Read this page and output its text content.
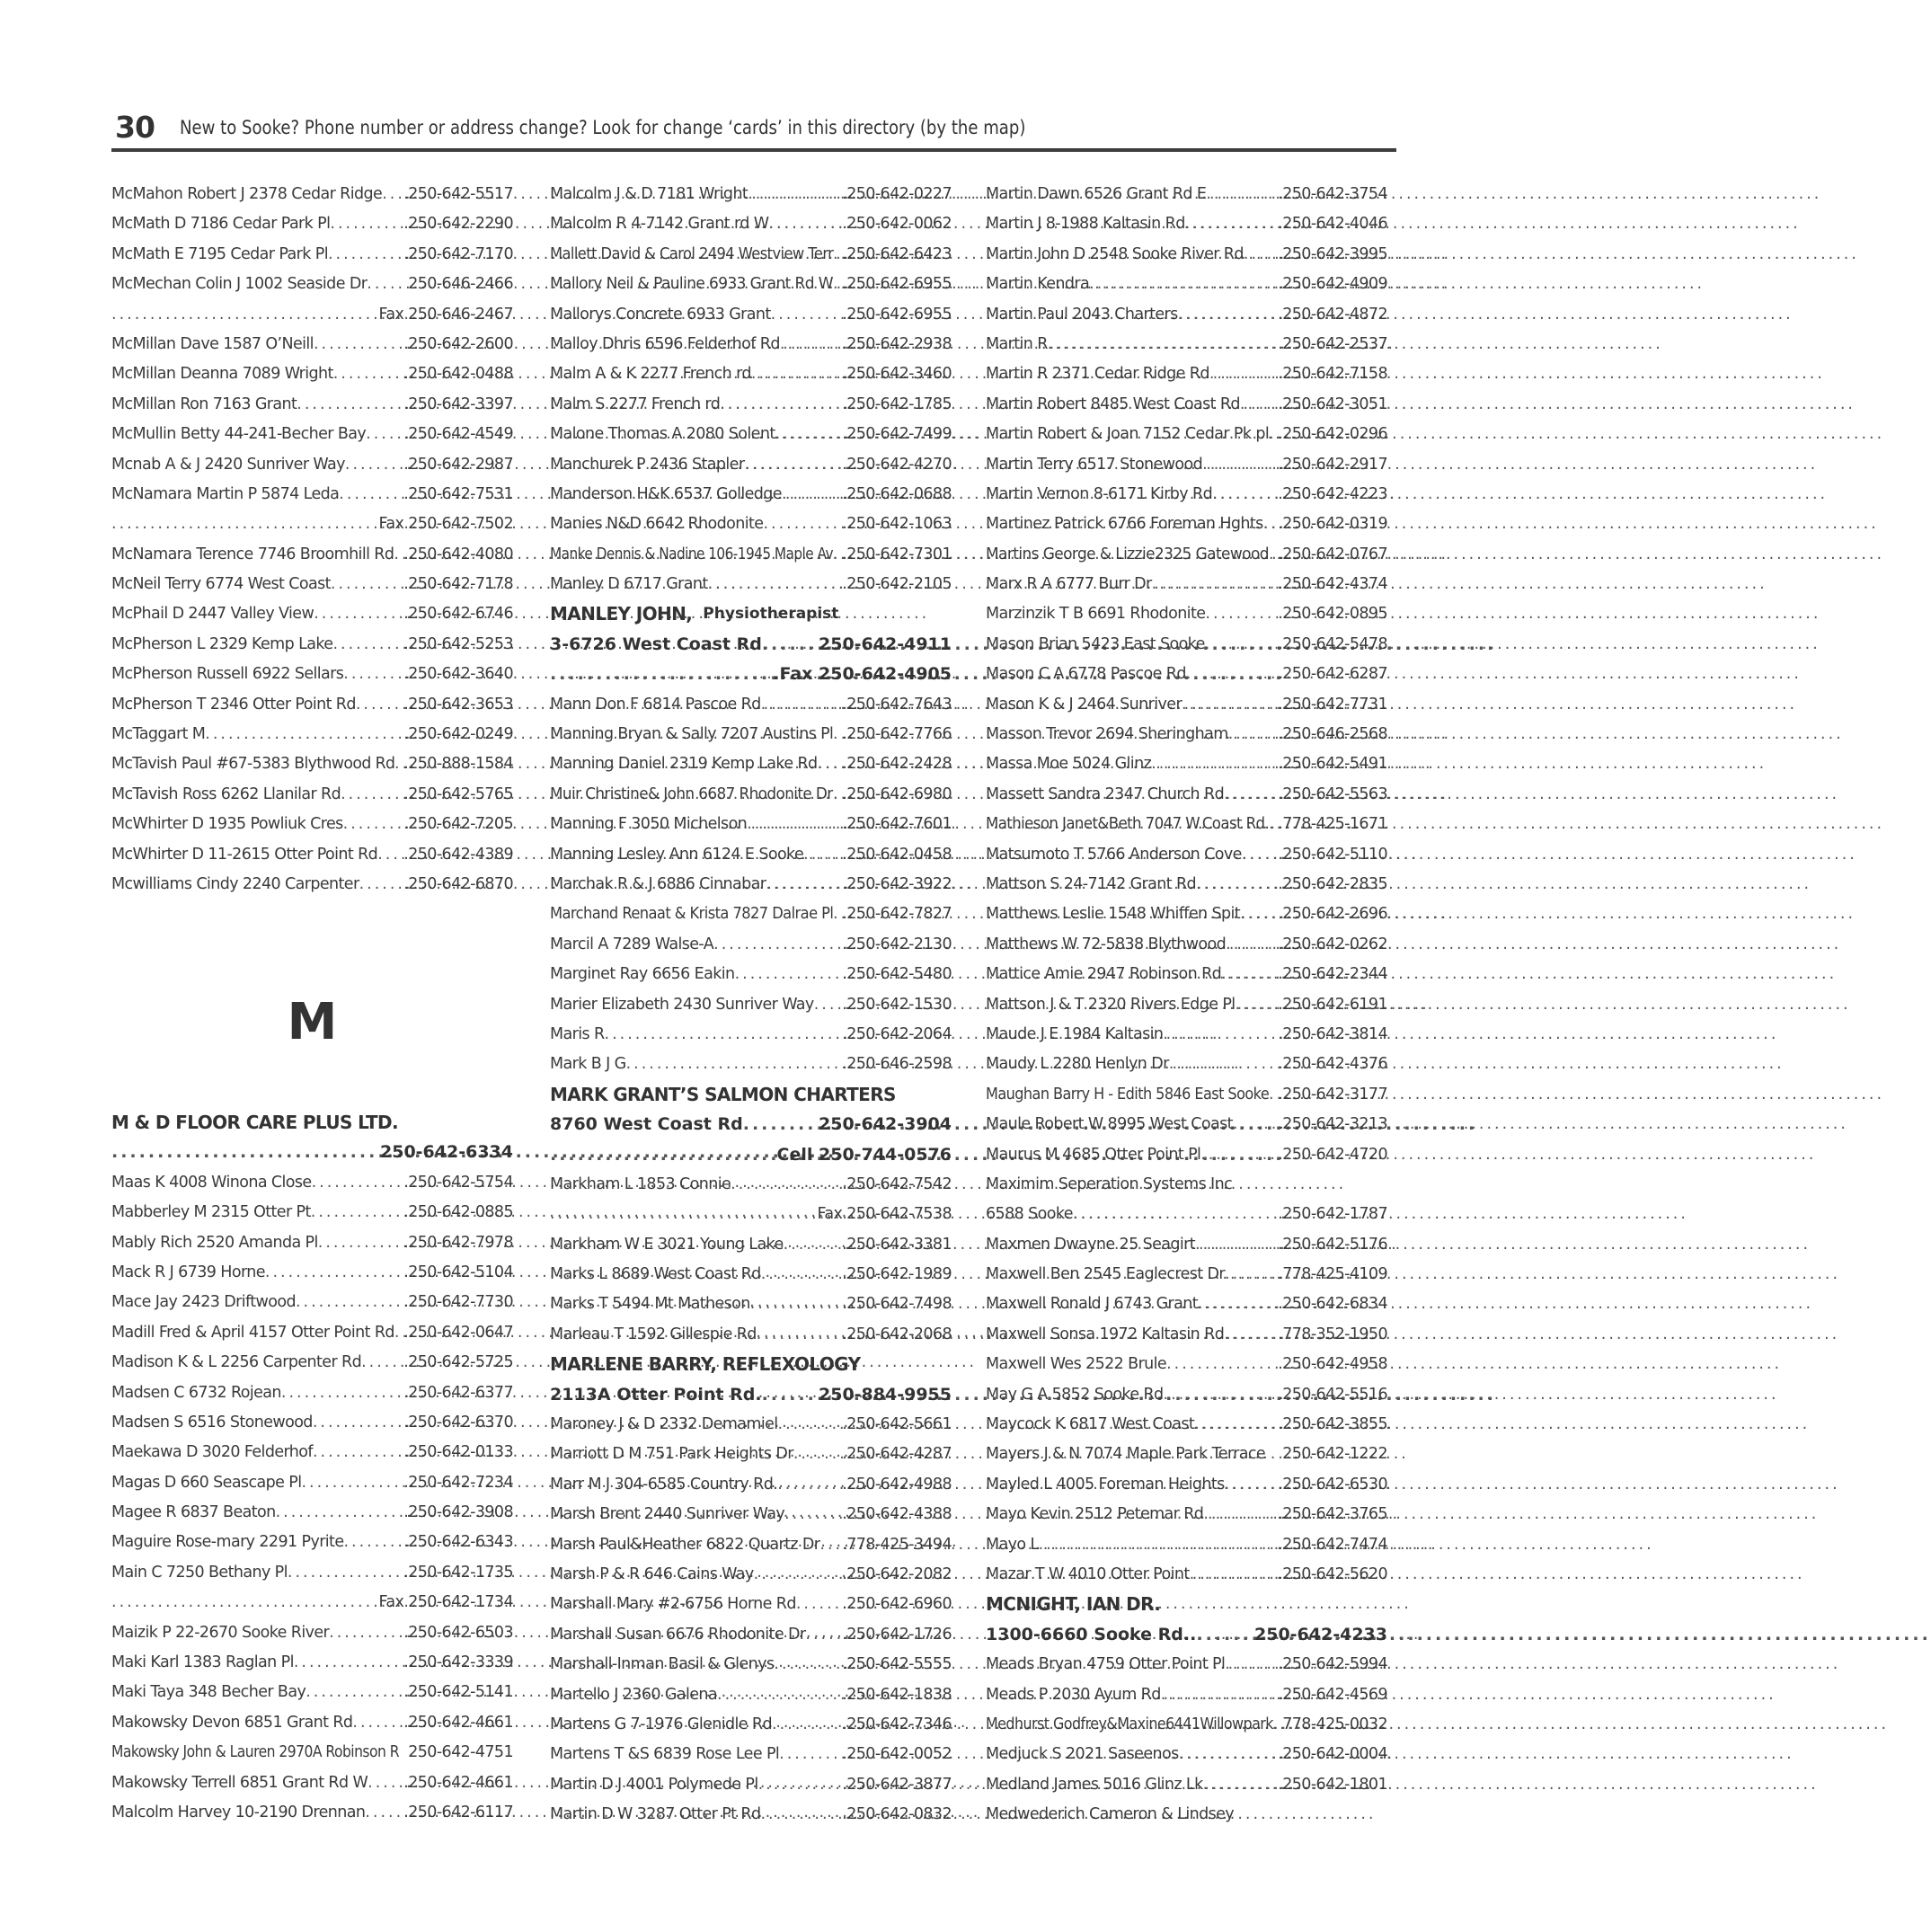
30 New to Sooke? Phone number or address change? Look for change ‘cards’ in this directory (by the map)
McMahon Robert J 2378 Cedar Ridge ..... .250-642-5517
McMath D 7186 Cedar Park Pl .....	.250-642-2290
McMath E 7195 Cedar Park Pl .....	.250-642-7170
McMechan Colin J 1002 Seaside Dr .....	250-646-2466
.....
Fax 250-646-2467
McMillan Dave 1587 O’Neill .....	.250-642-2600
McMillan Deanna 7089 Wright .....	.250-642-0488
McMillan Ron 7163 Grant .....	.250-642-3397
McMullin Betty 44-241-Becher Bay ..... .250-642-4549
Mcnab A & J 2420 Sunriver Way .....	.250-642-2987
McNamara Martin P 5874 Leda .....	.250-642-7531
.....
Fax 250-642-7502
McNamara Terence 7746 Broomhill Rd ..... .250-642-4080
McNeil Terry 6774 West Coast .....	.250-642-7178
McPhail D 2447 Valley View .....	.250-642-6746
McPherson L 2329 Kemp Lake .....	.250-642-5253
McPherson Russell 6922 Sellars .....	.250-642-3640
McPherson T 2346 Otter Point Rd .....	.250-642-3653
McTaggart M .....	.250-642-0249
McTavish Paul #67-5383 Blythwood Rd ..... .250-888-1584
McTavish Ross 6262 Llanilar Rd .....	.250-642-5765
McWhirter D 1935 Powliuk Cres .....	.250-642-7205
McWhirter D 11-2615 Otter Point Rd ..... .250-642-4389
Mcwilliams Cindy 2240 Carpenter .....	.250-642-6870
M
M & D FLOOR CARE PLUS LTD.
.....
250-642-6334
Maas K 4008 Winona Close .....	.250-642-5754
Mabberley M 2315 Otter Pt .....	.250-642-0885
Mably Rich 2520 Amanda Pl .....	.250-642-7978
Mack R J 6739 Horne .....	.250-642-5104
Mace Jay 2423 Driftwood .....	.250-642-7730
Madill Fred & April 4157 Otter Point Rd ..... .250-642-0647
Madison K & L 2256 Carpenter Rd .....	.250-642-5725
Madsen C 6732 Rojean .....	.250-642-6377
Madsen S 6516 Stonewood .....	.250-642-6370
Maekawa D 3020 Felderhof .....	.250-642-0133
Magas D 660 Seascape Pl .....	.250-642-7234
Magee R 6837 Beaton .....	.250-642-3908
Maguire Rose-mary 2291 Pyrite .....	.250-642-6343
Main C 7250 Bethany Pl .....	.250-642-1735
.....
Fax 250-642-1734
Maizik P 22-2670 Sooke River .....	.250-642-6503
Maki Karl 1383 Raglan Pl .....	.250-642-3339
Maki Taya 348 Becher Bay .....	.250-642-5141
Makowsky Devon 6851 Grant Rd .....	.250-642-4661
Makowsky John & Lauren 2970A Robinson R 250-642-4751
Makowsky Terrell 6851 Grant Rd W ..... .250-642-4661
Malcolm Harvey 10-2190 Drennan ..... .250-642-6117
Malcolm J & D 7181 Wright .....	.250-642-0227
Malcolm R 4-7142 Grant rd W .....	.250-642-0062
Mallett David & Carol 2494 Westview Terr ..... .250-642-6423
Mallory Neil & Pauline 6933 Grant Rd W ..... .250-642-6955
Mallorys Concrete 6933 Grant .....	.250-642-6955
Malloy Dhris 6596 Felderhof Rd .....	.250-642-2938
Malm A & K 2277 French rd .....	.250-642-3460
Malm S 2277 French rd .....	.250-642-1785
Malone Thomas A 2080 Solent .....	.250-642-7499
Manchurek P 2436 Stapler .....	.250-642-4270
Manderson H&K 6537 Golledge .....	.250-642-0688
Manies N&D 6642 Rhodonite .....	.250-642-1063
Manke Dennis & Nadine 106-1945 Maple Av ..... .250-642-7301
Manley D 6717 Grant .....	.250-642-2105
MANLEY JOHN, Physiotherapist
3-6726 West Coast Rd .....	250-642-4911
.....
.Fax 250-642-4905
Mann Don F 6814 Pascoe Rd .....	.250-642-7643
Manning Bryan & Sally 7207 Austins Pl ..... .250-642-7766
Manning Daniel 2319 Kemp Lake Rd ..... .250-642-2428
Muir Christine& John 6687 Rhodonite Dr ..... .250-642-6980
Manning F 3050 Michelson .....	.250-642-7601
Manning Lesley Ann 6124 E Sooke ..... .250-642-0458
Marchak R & J 6886 Cinnabar .....	.250-642-3922
Marchand Renaat & Krista 7827 Dalrae Pl ..... .250-642-7827
Marcil A 7289 Walse-A .....	.250-642-2130
Marginet Ray 6656 Eakin .....	.250-642-5480
Marier Elizabeth 2430 Sunriver Way ..... .250-642-1530
Maris R .....	.250-642-2064
Mark B J G .....	.250-646-2598
MARK GRANT’S SALMON CHARTERS
8760 West Coast Rd .....	250-642-3904
.....
Cell 250-744-0576
Markham L 1853 Connie .....	.250-642-7542
.....
Fax 250-642-7538
Markham W E 3021 Young Lake .....	.250-642-3381
Marks L 8689 West Coast Rd .....	.250-642-1989
Marks T 5494 Mt Matheson .....	.250-642-7498
Marleau T 1592 Gillespie Rd .....	.250-642-2068
MARLENE BARRY, REFLEXOLOGY
2113A Otter Point Rd. .....	250-884-9955
Maroney J & D 2332 Demamiel .....	.250-642-5661
Marriott D M 751 Park Heights Dr .....	.250-642-4287
Marr M J 304-6585 Country Rd. .....	.250-642-4988
Marsh Brent 2440 Sunriver Way .....	.250-642-4388
Marsh Paul&Heather 6822 Quartz Dr ..... .778-425-3494
Marsh P & R 646 Cains Way .....	.250-642-2082
Marshall Mary #2-6756 Horne Rd .....	.250-642-6960
Marshall Susan 6676 Rhodonite Dr ..... .250-642-1726
Marshall-Inman Basil & Glenys .....	.250-642-5555
Martello J 2360 Galena .....	.250-642-1838
Martens G 7-1976 Glenidle Rd .....	.250-642-7346
Martens T &S 6839 Rose Lee Pl .....	.250-642-0052
Martin D J 4001 Polymede Pl .....	.250-642-3877
Martin D W 3287 Otter Pt Rd .....	.250-642-0832
Martin Dawn 6526 Grant Rd E .....	.250-642-3754
Martin J 8-1988 Kaltasin Rd .....	.250-642-4046
Martin John D 2548 Sooke River Rd ..... .250-642-3995
Martin Kendra .....	.250-642-4909
Martin Paul 2043 Charters .....	.250-642-4872
Martin R .....	.250-642-2537
Martin R 2371 Cedar Ridge Rd .....	.250-642-7158
Martin Robert 8485 West Coast Rd ..... .250-642-3051
Martin Robert & Joan 7152 Cedar Pk pl ..... .250-642-0296
Martin Terry 6517 Stonewood .....	.250-642-2917
Martin Vernon 8-6171 Kirby Rd .....	.250-642-4223
Martinez Patrick 6766 Foreman Hghts ..... .250-642-0319
Martins George & Lizzie2325 Gatewood ..... .250-642-0767
Marx R A 6777 Burr Dr .....	.250-642-4374
Marzinzik T B 6691 Rhodonite .....	.250-642-0895
Mason Brian 5423 East Sooke .....	.250-642-5478
Mason C A 6778 Pascoe Rd .....	.250-642-6287
Mason K & J 2464 Sunriver .....	.250-642-7731
Masson Trevor 2694 Sheringham .....	.250-646-2568
Massa Moe 5024 Glinz .....	.250-642-5491
Massett Sandra 2347 Church Rd .....	.250-642-5563
Mathieson Janet&Beth 7047 W.Coast Rd. ..... .778-425-1671
Matsumoto T 5766 Anderson Cove ..... .250-642-5110
Mattson S 24-7142 Grant Rd .....	.250-642-2835
Matthews Leslie 1548 Whiffen Spit ..... .250-642-2696
Matthews W 72-5838 Blythwood .....	.250-642-0262
Mattice Amie 2947 Robinson Rd .....	.250-642-2344
Mattson J & T 2320 Rivers Edge Pl .....	.250-642-6191
Maude J E 1984 Kaltasin .....	.250-642-3814
Maudy L 2280 Henlyn Dr .....	.250-642-4376
Maughan Barry H - Edith 5846 East Sooke ..... .250-642-3177
Maule Robert W 8995 West Coast .....	.250-642-3213
Maurus M 4685 Otter Point Pl .....	.250-642-4720
Maximim Seperation Systems Inc
6588 Sooke .....	.250-642-1787
Maxmen Dwayne 25 Seagirt .....	.250-642-5176
Maxwell Ben 2545 Eaglecrest Dr .....	.778-425-4109
Maxwell Ronald J 6743 Grant .....	.250-642-6834
Maxwell Sonsa 1972 Kaltasin Rd .....	.778-352-1950
Maxwell Wes 2522 Brule .....	.250-642-4958
May G A 5852 Sooke Rd .....	.250-642-5516
Maycock K 6817 West Coast .....	.250-642-3855
Mayers J & N 7074 Maple Park Terrace 250-642-1222
Mayled L 4005 Foreman Heights .....	.250-642-6530
Mayo Kevin 2512 Petemar Rd .....	.250-642-3765
Mayo L .....	.250-642-7474
Mazar T W 4010 Otter Point .....	.250-642-5620
MCNIGHT, IAN DR.
1300-6660 Sooke Rd.. .....	250-642-4233
Meads Bryan 4759 Otter Point Pl .....	.250-642-5994
Meads P 2030 Ayum Rd .....	.250-642-4569
Medhurst Godfrey&Maxine6441Willowpark ..... 778-425-0032
Medjuck S 2021 Saseenos .....	.250-642-0004
Medland James 5016 Glinz Lk .....	.250-642-1801
Medwederich Cameron & Lindsey
